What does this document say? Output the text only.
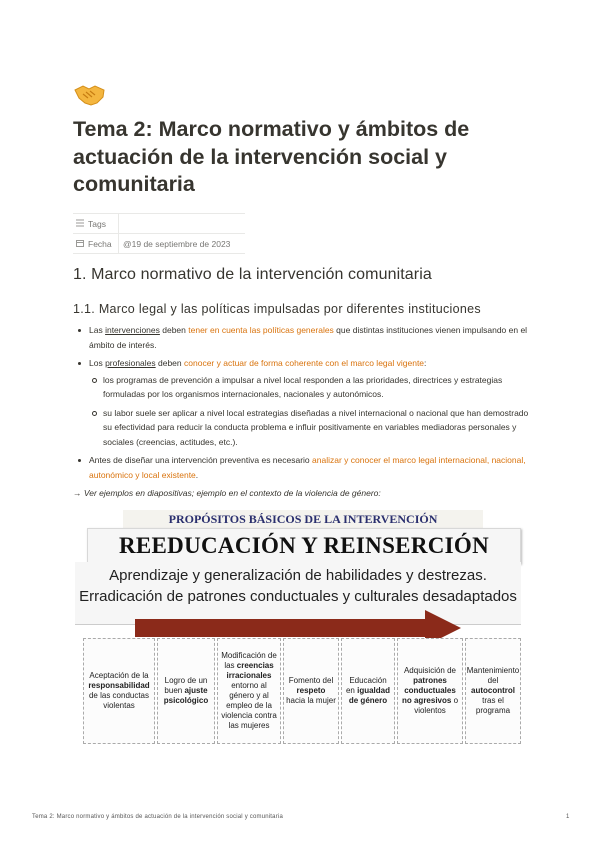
Tema 2: Marco normativo y ámbitos de actuación de la intervención social y comunitaria
Tags
Fecha	@19 de septiembre de 2023
1. Marco normativo de la intervención comunitaria
1.1. Marco legal y las políticas impulsadas por diferentes instituciones
Las intervenciones deben tener en cuenta las políticas generales que distintas instituciones vienen impulsando en el ámbito de interés.
Los profesionales deben conocer y actuar de forma coherente con el marco legal vigente:
los programas de prevención a impulsar a nivel local responden a las prioridades, directrices y estrategias formuladas por los organismos internacionales, nacionales y autonómicos.
su labor suele ser aplicar a nivel local estrategias diseñadas a nivel internacional o nacional que han demostrado su efectividad para reducir la conducta problema e influir positivamente en variables mediadoras personales y sociales (creencias, actitudes, etc.).
Antes de diseñar una intervención preventiva es necesario analizar y conocer el marco legal internacional, nacional, autonómico y local existente.
→ Ver ejemplos en diapositivas; ejemplo en el contexto de la violencia de género:
PROPÓSITOS BÁSICOS DE LA INTERVENCIÓN
REEDUCACIÓN Y REINSERCIÓN
Aprendizaje y generalización de habilidades y destrezas.
Erradicación de patrones conductuales y culturales desadaptados
Aceptación de la responsabilidad de las conductas violentas
Logro de un buen ajuste psicológico
Modificación de las creencias irracionales entorno al género y al empleo de la violencia contra las mujeres
Fomento del respeto hacia la mujer
Educación en igualdad de género
Adquisición de patrones conductuales no agresivos o violentos
Mantenimiento del autocontrol tras el programa
Tema 2: Marco normativo y ámbitos de actuación de la intervención social y comunitaria	1
